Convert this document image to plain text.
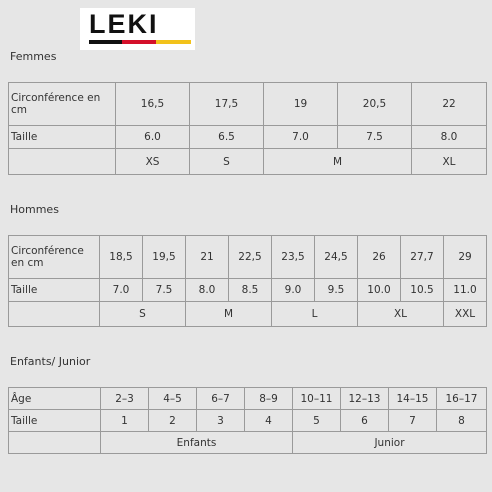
LEKI
Femmes
Circonférence en cm	16,5	17,5	19	20,5	22
Taille	6.0	6.5	7.0	7.5	8.0
	XS	S	M		XL
Hommes
Circonférence en cm	18,5	19,5	21	22,5	23,5	24,5	26	27,7	29
Taille	7.0	7.5	8.0	8.5	9.0	9.5	10.0	10.5	11.0
	S		M		L		XL		XXL
Enfants/ Junior
Âge	2–3	4–5	6–7	8–9	10–11	12–13	14–15	16–17
Taille	1	2	3	4	5	6	7	8
	Enfants				Junior			
